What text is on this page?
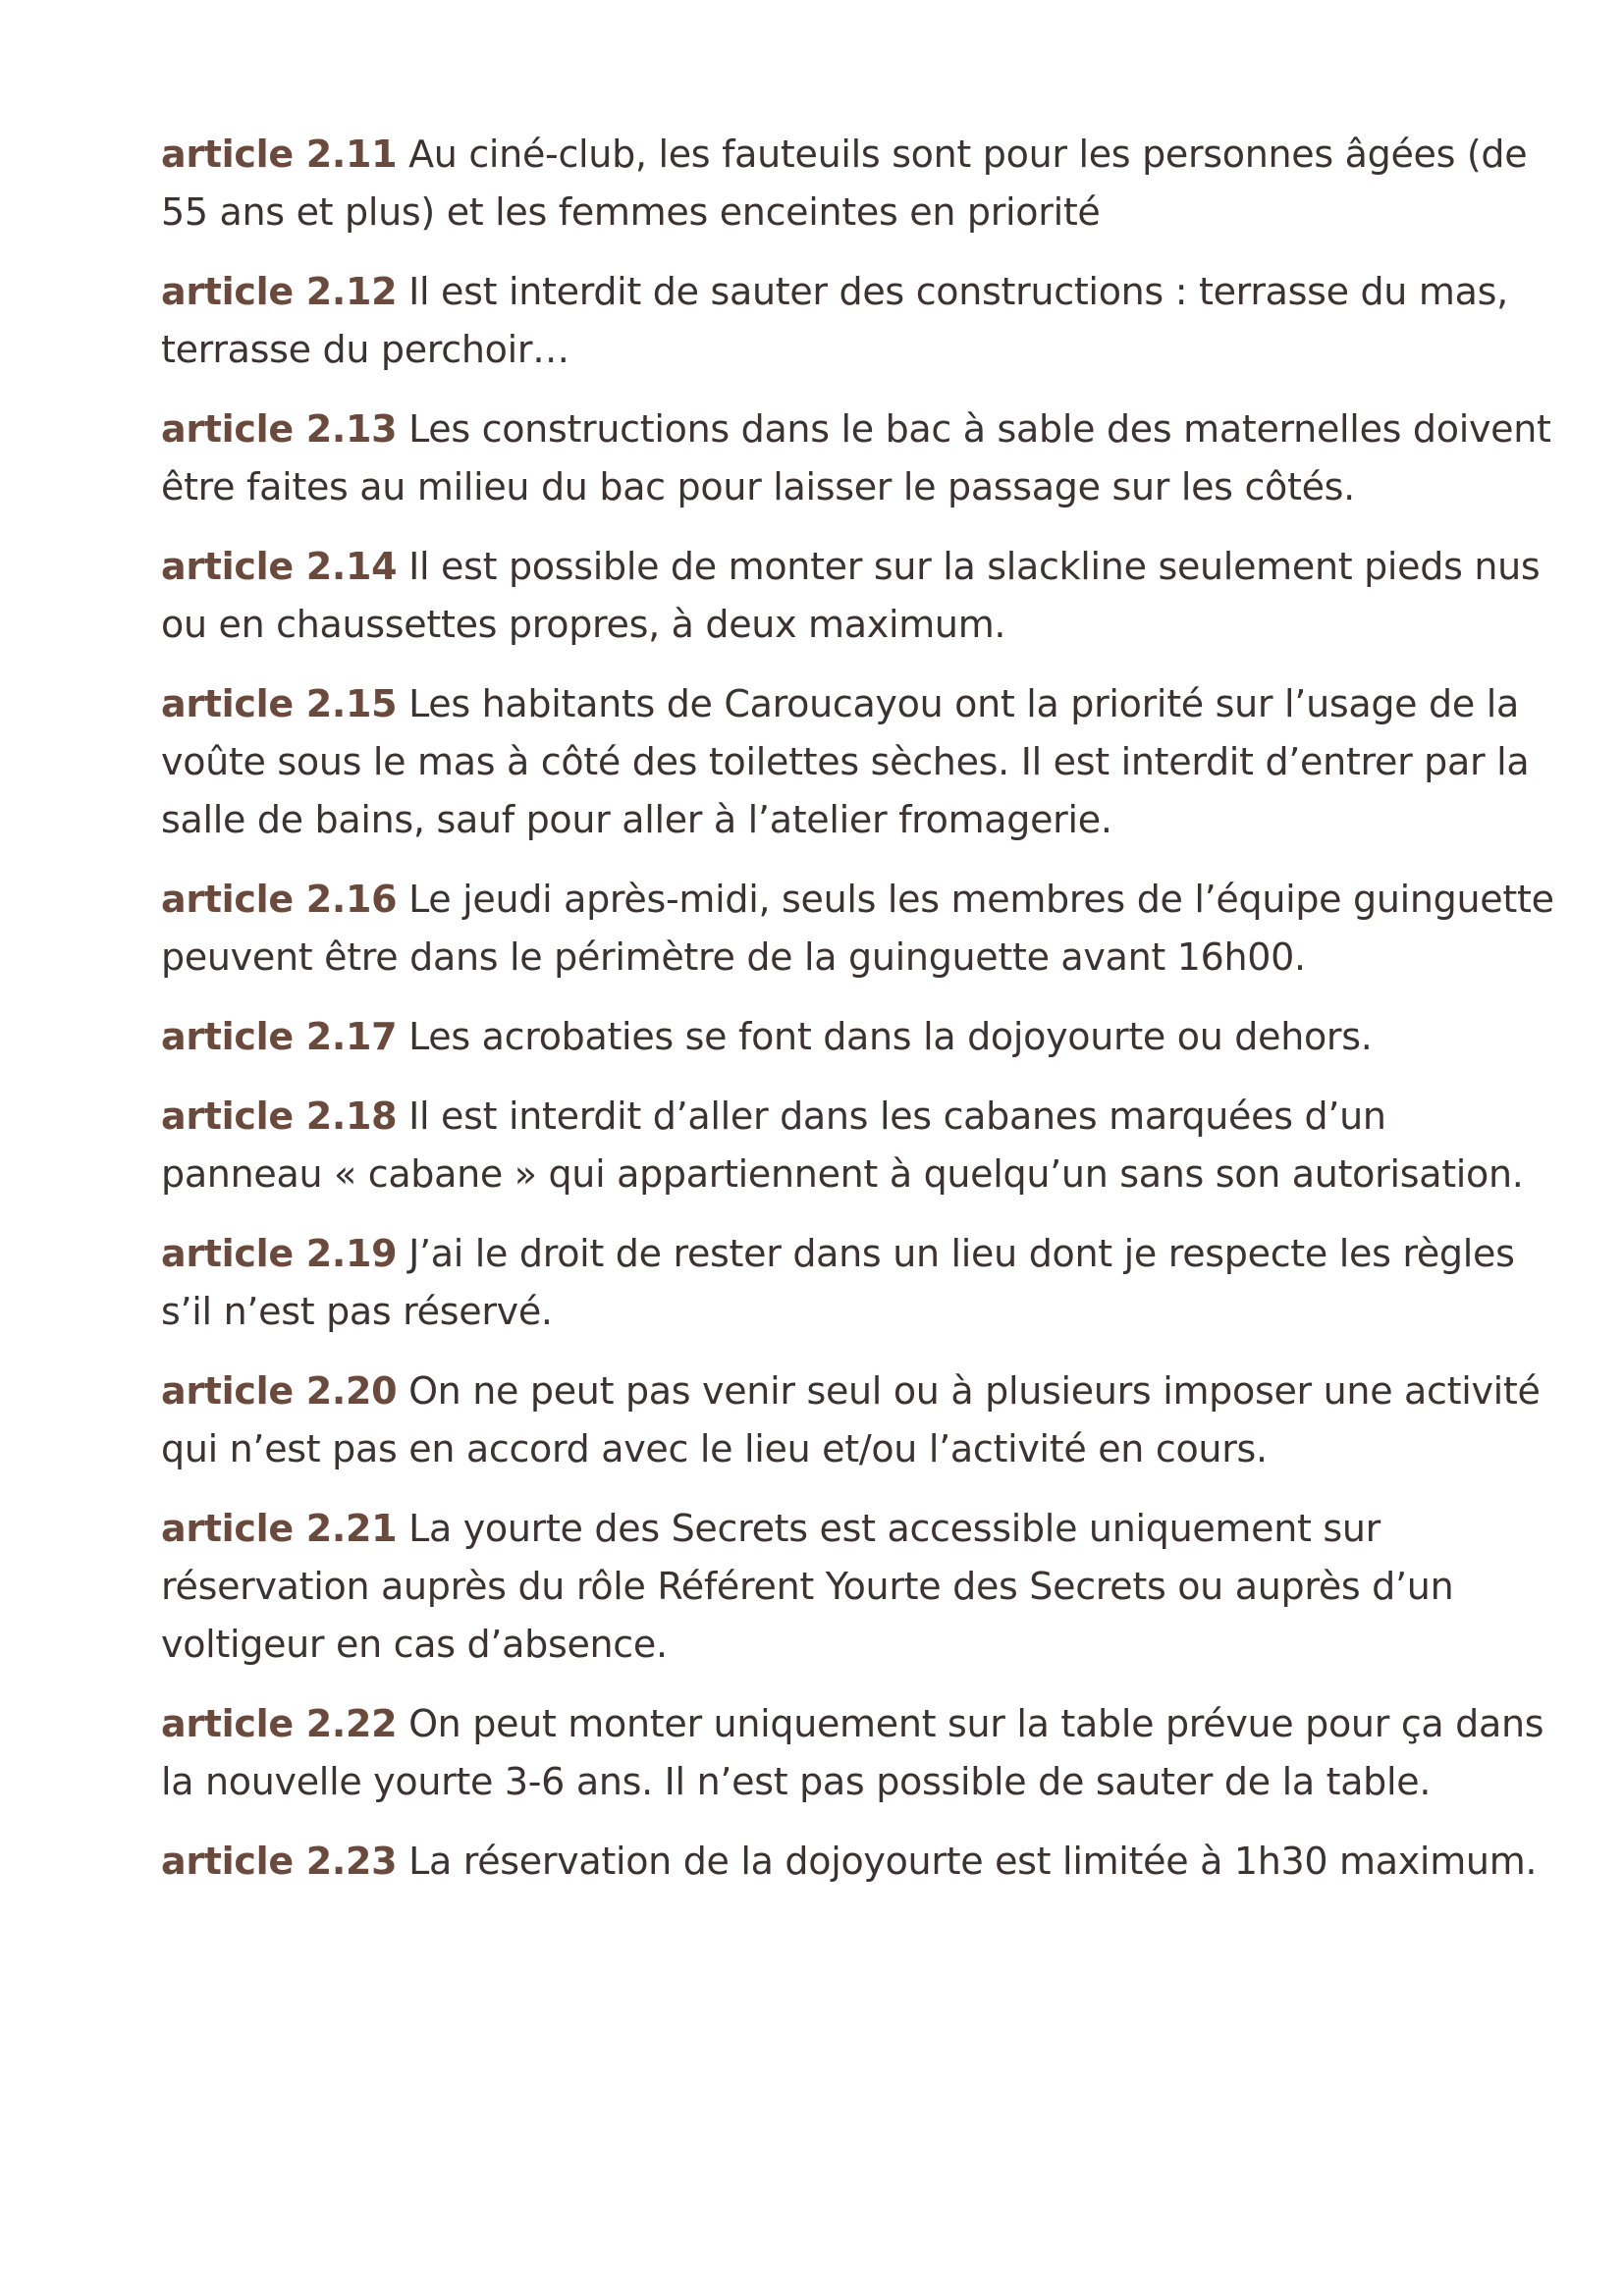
article 2.11 Au ciné-club, les fauteuils sont pour les personnes âgées (de 55 ans et plus) et les femmes enceintes en priorité

article 2.12 Il est interdit de sauter des constructions : terrasse du mas, terrasse du perchoir…

article 2.13 Les constructions dans le bac à sable des maternelles doivent être faites au milieu du bac pour laisser le passage sur les côtés.

article 2.14 Il est possible de monter sur la slackline seulement pieds nus ou en chaussettes propres, à deux maximum.

article 2.15 Les habitants de Caroucayou ont la priorité sur l’usage de la voûte sous le mas à côté des toilettes sèches. Il est interdit d’entrer par la salle de bains, sauf pour aller à l’atelier fromagerie.

article 2.16 Le jeudi après-midi, seuls les membres de l’équipe guinguette peuvent être dans le périmètre de la guinguette avant 16h00.

article 2.17 Les acrobaties se font dans la dojoyourte ou dehors.

article 2.18 Il est interdit d’aller dans les cabanes marquées d’un panneau « cabane » qui appartiennent à quelqu’un sans son autorisation.

article 2.19 J’ai le droit de rester dans un lieu dont je respecte les règles s’il n’est pas réservé.

article 2.20 On ne peut pas venir seul ou à plusieurs imposer une activité qui n’est pas en accord avec le lieu et/ou l’activité en cours.

article 2.21 La yourte des Secrets est accessible uniquement sur réservation auprès du rôle Référent Yourte des Secrets ou auprès d’un voltigeur en cas d’absence.

article 2.22 On peut monter uniquement sur la table prévue pour ça dans la nouvelle yourte 3-6 ans. Il n’est pas possible de sauter de la table.

article 2.23 La réservation de la dojoyourte est limitée à 1h30 maximum.
